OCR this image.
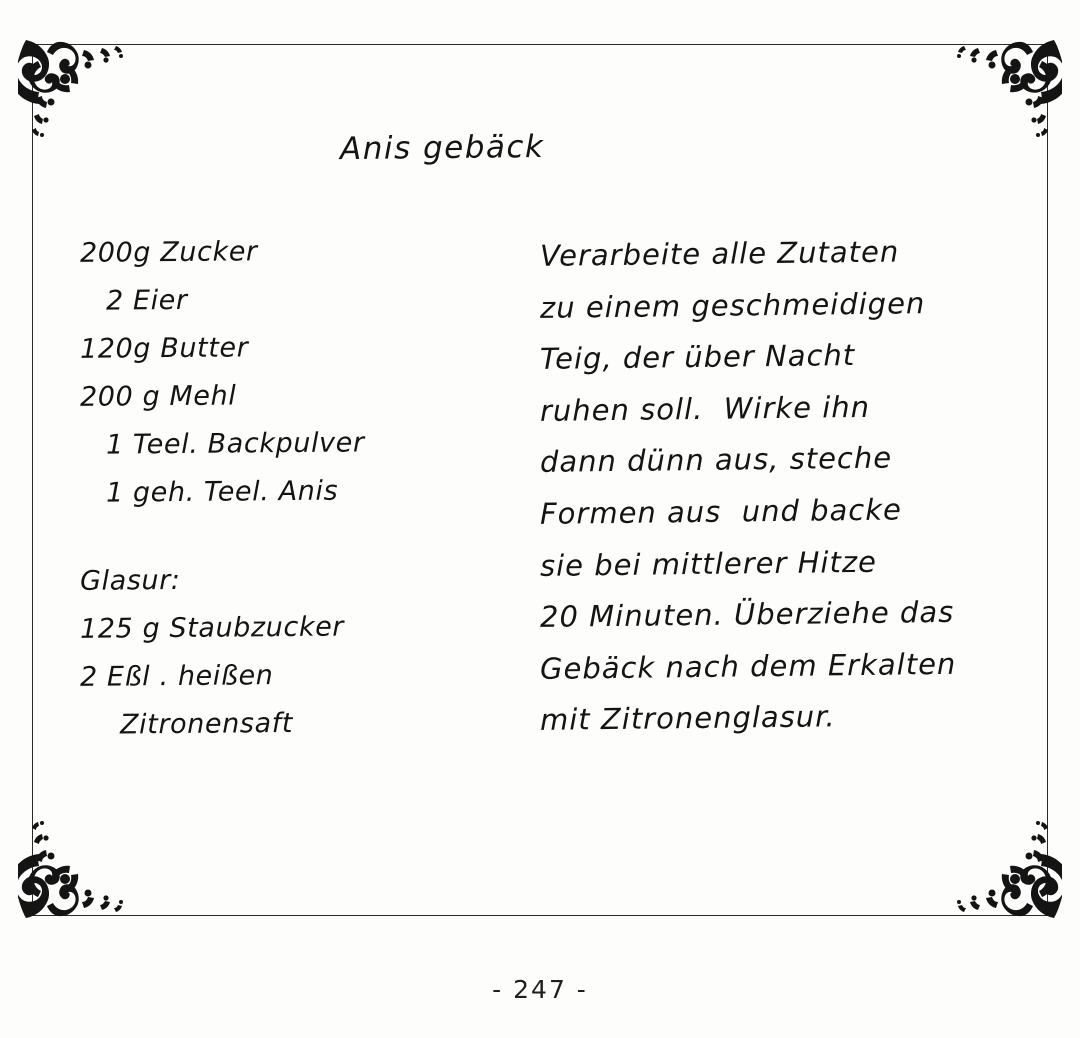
Anis gebäck
200g Zucker
2 Eier
120g Butter
200 g Mehl
1 Teel. Backpulver
1 geh. Teel. Anis
Glasur:
125 g Staubzucker
2 Eßl . heißen
Zitronensaft
Verarbeite alle Zutaten
zu einem geschmeidigen
Teig, der über Nacht
ruhen soll.  Wirke ihn
dann dünn aus, steche
Formen aus  und backe
sie bei mittlerer Hitze
20 Minuten. Überziehe das
Gebäck nach dem Erkalten
mit Zitronenglasur.
- 247 -
